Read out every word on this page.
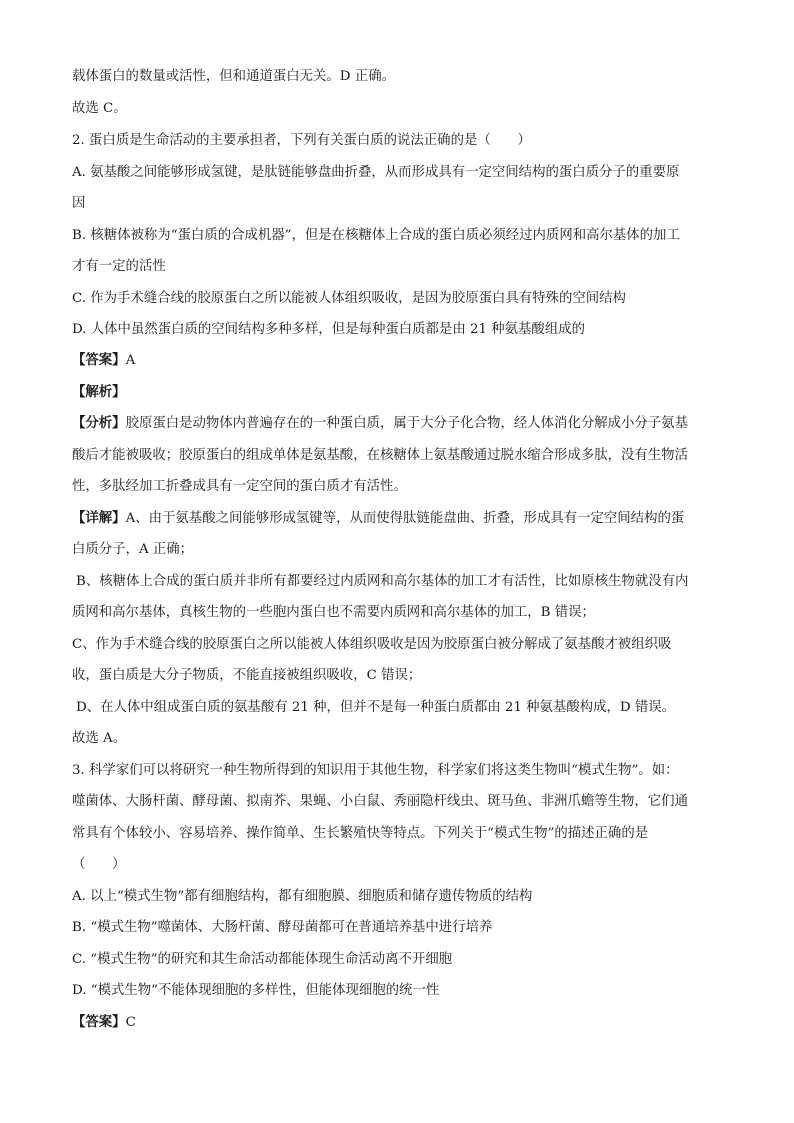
载体蛋白的数量或活性，但和通道蛋白无关。D 正确。
故选 C。
2. 蛋白质是生命活动的主要承担者，下列有关蛋白质的说法正确的是（　　）
A. 氨基酸之间能够形成氢键，是肽链能够盘曲折叠，从而形成具有一定空间结构的蛋白质分子的重要原
因
B. 核糖体被称为“蛋白质的合成机器”，但是在核糖体上合成的蛋白质必须经过内质网和高尔基体的加工
才有一定的活性
C. 作为手术缝合线的胶原蛋白之所以能被人体组织吸收，是因为胶原蛋白具有特殊的空间结构
D. 人体中虽然蛋白质的空间结构多种多样，但是每种蛋白质都是由 21 种氨基酸组成的
【答案】A
【解析】
【分析】胶原蛋白是动物体内普遍存在的一种蛋白质，属于大分子化合物，经人体消化分解成小分子氨基
酸后才能被吸收；胶原蛋白的组成单体是氨基酸，在核糖体上氨基酸通过脱水缩合形成多肽，没有生物活
性，多肽经加工折叠成具有一定空间的蛋白质才有活性。
【详解】A、由于氨基酸之间能够形成氢键等，从而使得肽链能盘曲、折叠，形成具有一定空间结构的蛋
白质分子，A 正确；
B、核糖体上合成的蛋白质并非所有都要经过内质网和高尔基体的加工才有活性，比如原核生物就没有内
质网和高尔基体，真核生物的一些胞内蛋白也不需要内质网和高尔基体的加工，B 错误；
C、作为手术缝合线的胶原蛋白之所以能被人体组织吸收是因为胶原蛋白被分解成了氨基酸才被组织吸
收，蛋白质是大分子物质，不能直接被组织吸收，C 错误；
D、在人体中组成蛋白质的氨基酸有 21 种，但并不是每一种蛋白质都由 21 种氨基酸构成，D 错误。
故选 A。
3. 科学家们可以将研究一种生物所得到的知识用于其他生物，科学家们将这类生物叫“模式生物”。如：
噬菌体、大肠杆菌、酵母菌、拟南芥、果蝇、小白鼠、秀丽隐杆线虫、斑马鱼、非洲爪蟾等生物，它们通
常具有个体较小、容易培养、操作简单、生长繁殖快等特点。下列关于“模式生物”的描述正确的是
（　　）
A. 以上“模式生物”都有细胞结构，都有细胞膜、细胞质和储存遗传物质的结构
B. “模式生物”噬菌体、大肠杆菌、酵母菌都可在普通培养基中进行培养
C. “模式生物”的研究和其生命活动都能体现生命活动离不开细胞
D. “模式生物”不能体现细胞的多样性，但能体现细胞的统一性
【答案】C
